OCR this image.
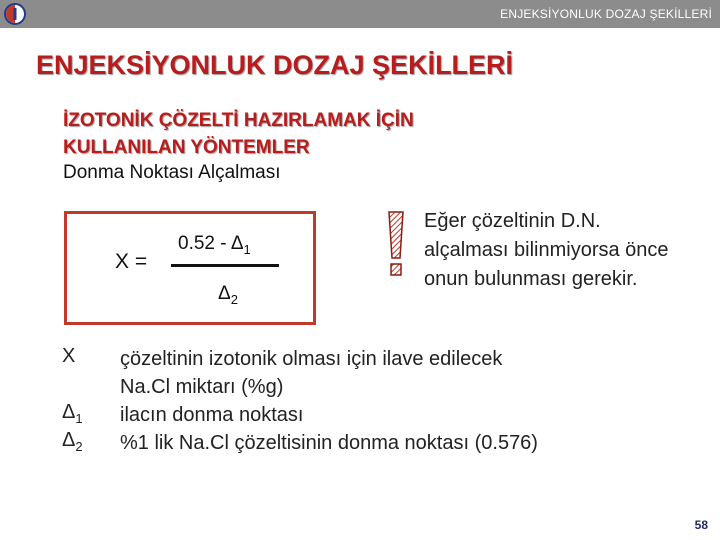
ENJEKSİYONLUK DOZAJ ŞEKİLLERİ
ENJEKSİYONLUK DOZAJ ŞEKİLLERİ
İZOTONİK ÇÖZELTİ HAZIRLAMAK İÇİN
KULLANILAN YÖNTEMLER
Donma Noktası Alçalması
X =
$0.52 - \Delta_1$
$\Delta_2$
Eğer çözeltinin D.N. alçalması bilinmiyorsa önce onun bulunması gerekir.
X
$\Delta_1$
$\Delta_2$
çözeltinin izotonik olması için ilave edilecek
Na.Cl miktarı (%g)
ilacın donma noktası
%1 lik Na.Cl çözeltisinin donma noktası (0.576)
58
